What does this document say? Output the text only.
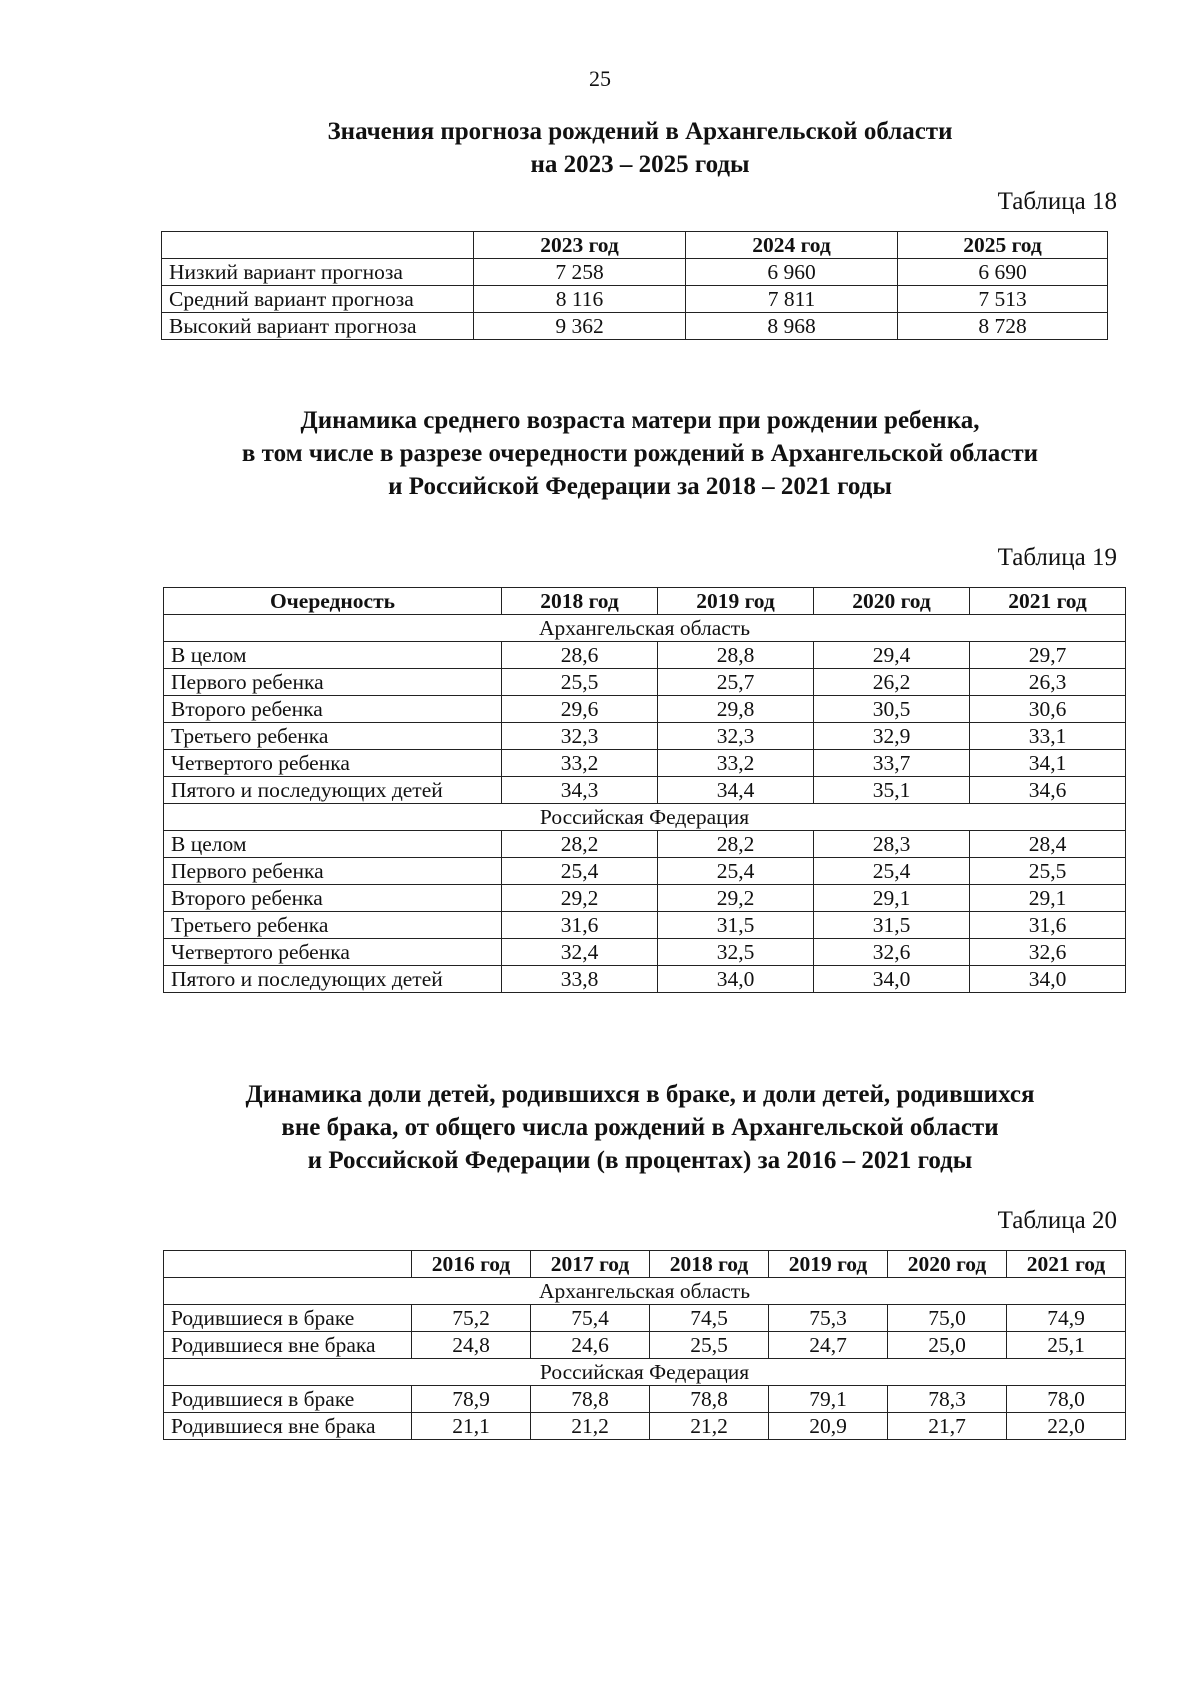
25
Значения прогноза рождений в Архангельской области
на 2023 – 2025 годы
Таблица 18
	2023 год	2024 год	2025 год
Низкий вариант прогноза	7 258	6 960	6 690
Средний вариант прогноза	8 116	7 811	7 513
Высокий вариант прогноза	9 362	8 968	8 728
Динамика среднего возраста матери при рождении ребенка,
в том числе в разрезе очередности рождений в Архангельской области
и Российской Федерации за 2018 – 2021 годы
Таблица 19
Очередность	2018 год	2019 год	2020 год	2021 год
Архангельская область				
В целом	28,6	28,8	29,4	29,7
Первого ребенка	25,5	25,7	26,2	26,3
Второго ребенка	29,6	29,8	30,5	30,6
Третьего ребенка	32,3	32,3	32,9	33,1
Четвертого ребенка	33,2	33,2	33,7	34,1
Пятого и последующих детей	34,3	34,4	35,1	34,6
Российская Федерация				
В целом	28,2	28,2	28,3	28,4
Первого ребенка	25,4	25,4	25,4	25,5
Второго ребенка	29,2	29,2	29,1	29,1
Третьего ребенка	31,6	31,5	31,5	31,6
Четвертого ребенка	32,4	32,5	32,6	32,6
Пятого и последующих детей	33,8	34,0	34,0	34,0
Динамика доли детей, родившихся в браке, и доли детей, родившихся
вне брака, от общего числа рождений в Архангельской области
и Российской Федерации (в процентах) за 2016 – 2021 годы
Таблица 20
	2016 год	2017 год	2018 год	2019 год	2020 год	2021 год
Архангельская область						
Родившиеся в браке	75,2	75,4	74,5	75,3	75,0	74,9
Родившиеся вне брака	24,8	24,6	25,5	24,7	25,0	25,1
Российская Федерация						
Родившиеся в браке	78,9	78,8	78,8	79,1	78,3	78,0
Родившиеся вне брака	21,1	21,2	21,2	20,9	21,7	22,0
